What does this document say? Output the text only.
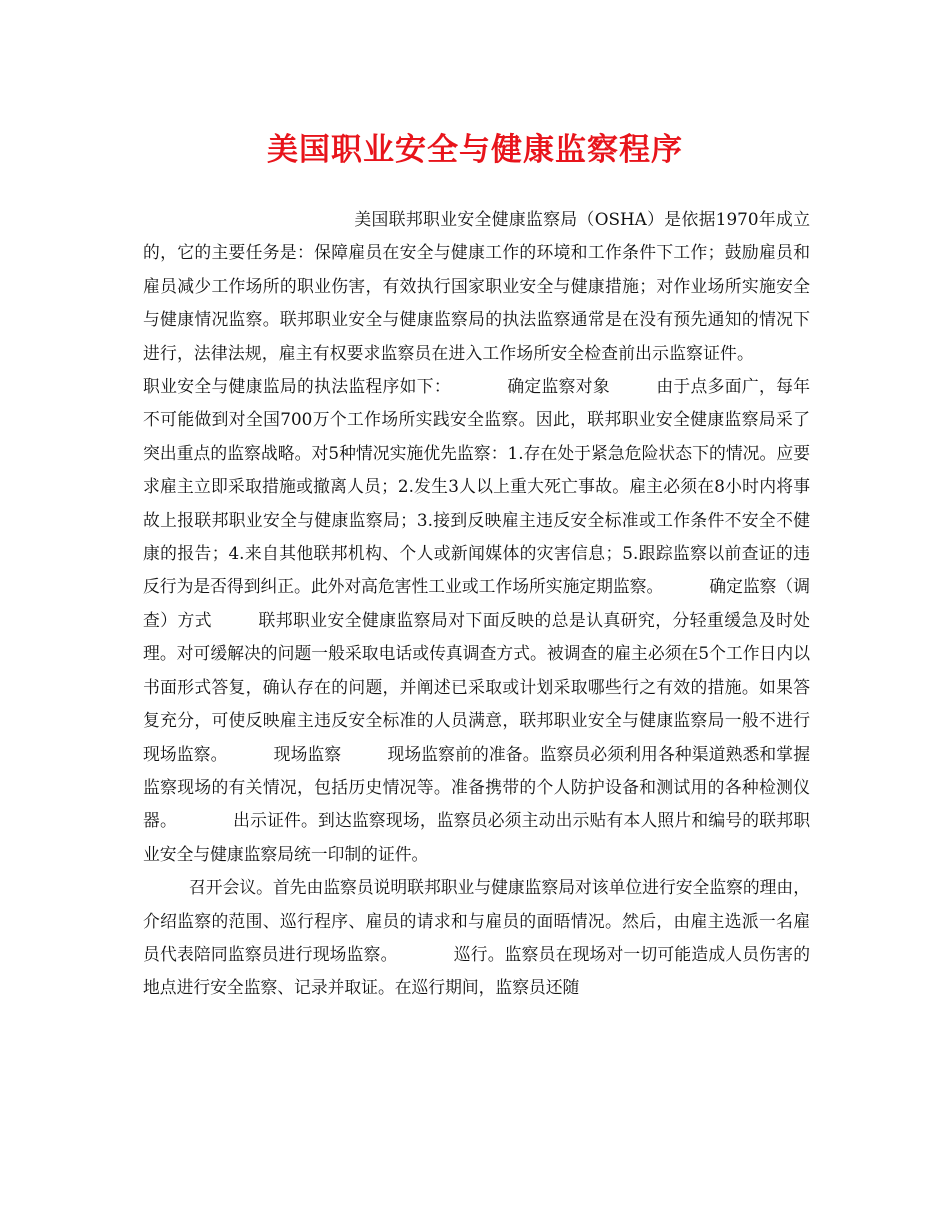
美国职业安全与健康监察程序

美国联邦职业安全健康监察局（OSHA）是依据1970年成立的，它的主要任务是：保障雇员在安全与健康工作的环境和工作条件下工作；鼓励雇员和雇员减少工作场所的职业伤害，有效执行国家职业安全与健康措施；对作业场所实施安全与健康情况监察。联邦职业安全与健康监察局的执法监察通常是在没有预先通知的情况下进行，法律法规，雇主有权要求监察员在进入工作场所安全检查前出示监察证件。职业安全与健康监局的执法监程序如下：	确定监察对象	由于点多面广，每年不可能做到对全国700万个工作场所实践安全监察。因此，联邦职业安全健康监察局采了突出重点的监察战略。对5种情况实施优先监察：1.存在处于紧急危险状态下的情况。应要求雇主立即采取措施或撤离人员；2.发生3人以上重大死亡事故。雇主必须在8小时内将事故上报联邦职业安全与健康监察局；3.接到反映雇主违反安全标准或工作条件不安全不健康的报告；4.来自其他联邦机构、个人或新闻媒体的灾害信息；5.跟踪监察以前查证的违反行为是否得到纠正。此外对高危害性工业或工作场所实施定期监察。	确定监察（调查）方式	联邦职业安全健康监察局对下面反映的总是认真研究，分轻重缓急及时处理。对可缓解决的问题一般采取电话或传真调查方式。被调查的雇主必须在5个工作日内以书面形式答复，确认存在的问题，并阐述已采取或计划采取哪些行之有效的措施。如果答复充分，可使反映雇主违反安全标准的人员满意，联邦职业安全与健康监察局一般不进行现场监察。	现场监察	现场监察前的准备。监察员必须利用各种渠道熟悉和掌握监察现场的有关情况，包括历史情况等。准备携带的个人防护设备和测试用的各种检测仪器。	出示证件。到达监察现场，监察员必须主动出示贴有本人照片和编号的联邦职业安全与健康监察局统一印制的证件。

召开会议。首先由监察员说明联邦职业与健康监察局对该单位进行安全监察的理由，介绍监察的范围、巡行程序、雇员的请求和与雇员的面晤情况。然后，由雇主选派一名雇员代表陪同监察员进行现场监察。	巡行。监察员在现场对一切可能造成人员伤害的地点进行安全监察、记录并取证。在巡行期间，监察员还随
